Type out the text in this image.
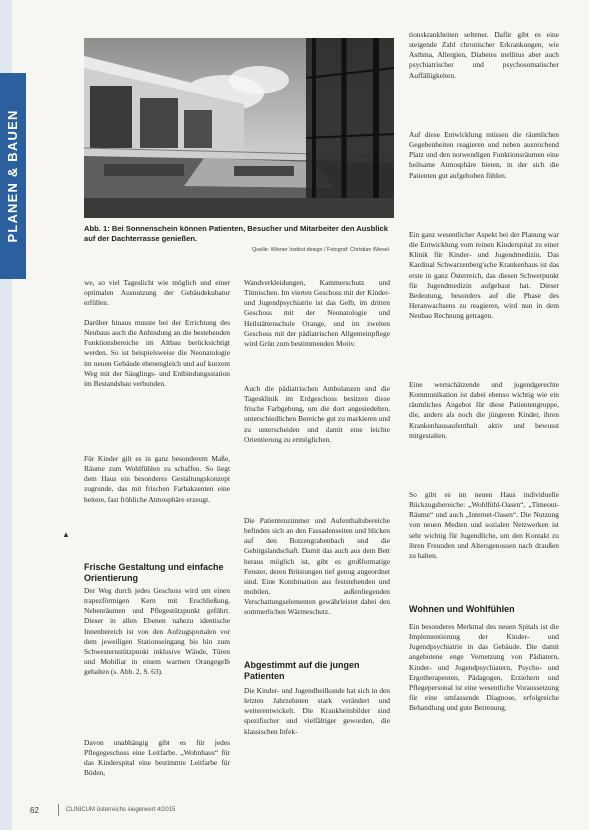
PLANEN & BAUEN	Abb. 1: Bei Sonnenschein können Patienten, Besucher und Mitarbeiter den Ausblick auf der Dachterrasse genießen.

Quelle: Wiener Institut design / Fotograf: Christian Wiesel

we, so viel Tageslicht wie möglich und einer optimalen Ausnutzung der Gebäudekubatur erfüllen.

Darüber hinaus musste bei der Errichtung des Neubaus auch die Anbindung an die bestehenden Funktionsbereiche im Altbau berücksichtigt werden. So ist beispielsweise die Neonatologie im neuen Gebäude ebenengleich und auf kurzem Weg mit der Säuglings- und Entbindungsstation im Bestandsbau verbunden.

Für Kinder gilt es in ganz besonderem Maße, Räume zum Wohlfühlen zu schaffen. So liegt dem Haus ein besonderes Gestaltungskonzept zugrunde, das mit frischen Farbakzenten eine heitere, fast fröhliche Atmosphäre erzeugt.

▲
Frische Gestaltung und einfache Orientierung

Der Weg durch jedes Geschoss wird um einen trapezförmigen Kern mit Erschließung, Nebenräumen und Pflegestützpunkt geführt. Dieser in allen Ebenen nahezu identische Innenbereich ist von den Aufzugsportalen vor dem jeweiligen Stationseingang bis hin zum Schwesternstützpunkt inklusive Wände, Türen und Mobiliar in einem warmen Orangegelb gehalten (s. Abb. 2, S. 63).

Davon unabhängig gibt es für jedes Pflegegeschoss eine Leitfarbe. „Wohnhaus“ für das Kinderspital eine bestimmte Leitfarbe für Böden,

Wandverkleidungen, Kammerschutz und Türnischen. Im vierten Geschoss mit der Kinder- und Jugendpsychiatrie ist das Gelb, im dritten Geschoss mit der Neonatologie und Heilstättenschule Orange, und im zweiten Geschoss mit der pädiatrischen Allgemeinpflege wird Grün zum bestimmenden Motiv.

Auch die pädiatrischen Ambulanzen und die Tagesklinik im Erdgeschoss besitzen diese frische Farbgebung, um die dort angesiedelten, unterschiedlichen Bereiche gut zu markieren und zu unterscheiden und damit eine leichte Orientierung zu ermöglichen.

Die Patientenzimmer und Aufenthaltsbereiche befinden sich an den Fassadenseiten und blicken auf den Botzengrabenbach und die Gebirgslandschaft. Damit das auch aus dem Bett heraus möglich ist, gibt es großformatige Fenster, deren Brüstungen tief genug angeordnet sind. Eine Kombination aus feststehenden und mobilen, außenliegenden Verschattungselementen gewährleistet dabei den sommerlichen Wärmeschutz.

Abgestimmt auf die jungen Patienten

Die Kinder- und Jugendheilkunde hat sich in den letzten Jahrzehnten stark verändert und weiterentwickelt. Die Krankheitsbilder sind spezifischer und vielfältiger geworden, die klassischen Infek-

tionskrankheiten seltener. Dafür gibt es eine steigende Zahl chronischer Erkrankungen, wie Asthma, Allergien, Diabetes mellitus aber auch psychiatrischer und psychosomatischer Auffälligkeiten.

Auf diese Entwicklung müssen die räumlichen Gegebenheiten reagieren und neben ausreichend Platz und den notwendigen Funktionsräumen eine heilsame Atmosphäre bieten, in der sich die Patienten gut aufgehoben fühlen.

Ein ganz wesentlicher Aspekt bei der Planung war die Entwicklung vom reinen Kinderspital zu einer Klinik für Kinder- und Jugendmedizin. Das Kardinal Schwarzenberg'sche Krankenhaus ist das erste in ganz Österreich, das diesen Schwerpunkt für Jugendmedizin aufgebaut hat. Dieser Bedeutung, besonders auf die Phase des Heranwachsens zu reagieren, wird nun in dem Neubau Rechnung getragen.

Eine wertschätzende und jugendgerechte Kommunikation ist dabei ebenso wichtig wie ein räumliches Angebot für diese Patientengruppe, die, anders als noch die jüngeren Kinder, ihren Krankenhausaufenthalt aktiv und bewusst mitgestalten.

So gibt es im neuen Haus individuelle Rückzugsbereiche: „Wohlfühl-Oasen“, „Timeout-Räume“ und auch „Internet-Oasen“. Die Nutzung von neuen Medien und sozialen Netzwerken ist sehr wichtig für Jugendliche, um den Kontakt zu ihren Freunden und Altersgenossen nach draußen zu halten.

Wohnen und Wohlfühlen

Ein besonderes Merkmal des neuen Spitals ist die Implementierung der Kinder- und Jugendpsychiatrie in das Gebäude. Die damit angebotene enge Vernetzung von Pädiatern, Kinder- und Jugendpsychiatern, Psycho- und Ergotherapeuten, Pädagogen, Erziehern und Pflegepersonal ist eine wesentliche Voraussetzung für eine umfassende Diagnose, erfolgreiche Behandlung und gute Betreuung.

62	CLINICUM österreichs siegerwert 4/2015
